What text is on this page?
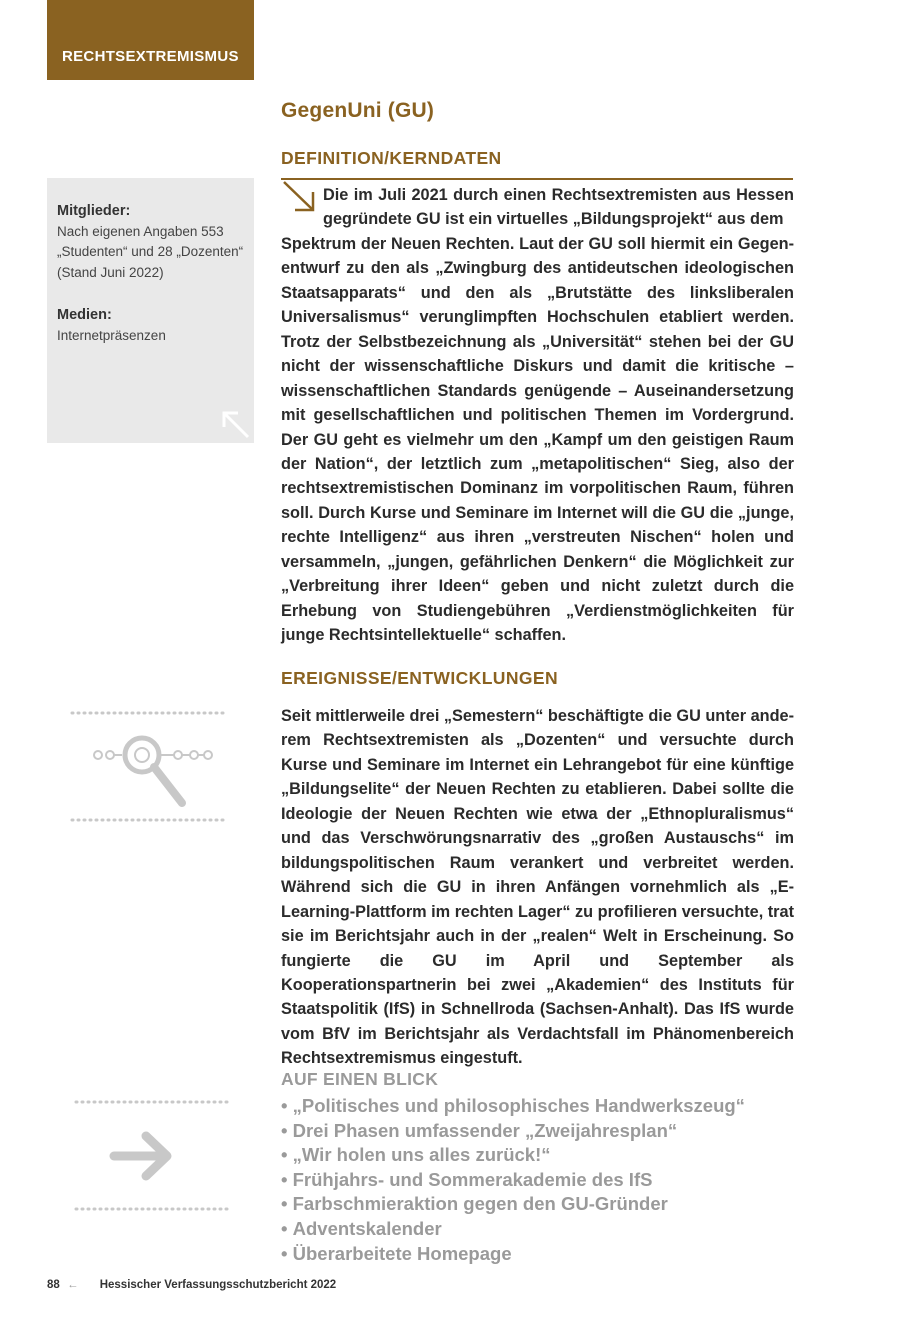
RECHTSEXTREMISMUS
GegenUni (GU)
Mitglieder:
Nach eigenen Angaben 553
„Studenten“ und 28 „Dozenten“
(Stand Juni 2022)
Medien:
Internetpräsenzen
DEFINITION/KERNDATEN
Die im Juli 2021 durch einen Rechtsextremisten aus Hessen gegründete GU ist ein virtuelles „Bildungsprojekt“ aus dem
Spektrum der Neuen Rechten. Laut der GU soll hiermit ein Gegenentwurf zu den als „Zwingburg des antideutschen ideologischen Staatsapparats“ und den als „Brutstätte des linksliberalen Universalismus“ verunglimpften Hochschulen etabliert werden. Trotz der Selbstbezeichnung als „Universität“ stehen bei der GU nicht der wissenschaftliche Diskurs und damit die kritische – wissenschaftlichen Standards genügende – Auseinandersetzung mit gesellschaftlichen und politischen Themen im Vordergrund. Der GU geht es vielmehr um den „Kampf um den geistigen Raum der Nation“, der letztlich zum „metapolitischen“ Sieg, also der rechtsextremistischen Dominanz im vorpolitischen Raum, führen soll. Durch Kurse und Seminare im Internet will die GU die „junge, rechte Intelligenz“ aus ihren „verstreuten Nischen“ holen und versammeln, „jungen, gefährlichen Denkern“ die Möglichkeit zur „Verbreitung ihrer Ideen“ geben und nicht zuletzt durch die Erhebung von Studiengebühren „Verdienstmöglichkeiten für junge Rechtsintellektuelle“ schaffen.
EREIGNISSE/ENTWICKLUNGEN
Seit mittlerweile drei „Semestern“ beschäftigte die GU unter anderem Rechtsextremisten als „Dozenten“ und versuchte durch Kurse und Seminare im Internet ein Lehrangebot für eine künftige „Bildungselite“ der Neuen Rechten zu etablieren. Dabei sollte die Ideologie der Neuen Rechten wie etwa der „Ethnopluralismus“ und das Verschwörungsnarrativ des „großen Austauschs“ im bildungspolitischen Raum verankert und verbreitet werden. Während sich die GU in ihren Anfängen vornehmlich als „E-Learning-Plattform im rechten Lager“ zu profilieren versuchte, trat sie im Berichtsjahr auch in der „realen“ Welt in Erscheinung. So fungierte die GU im April und September als Kooperationspartnerin bei zwei „Akademien“ des Instituts für Staatspolitik (IfS) in Schnellroda (Sachsen-Anhalt). Das IfS wurde vom BfV im Berichtsjahr als Verdachtsfall im Phänomenbereich Rechtsextremismus eingestuft.
AUF EINEN BLICK
• „Politisches und philosophisches Handwerkszeug“
• Drei Phasen umfassender „Zweijahresplan“
• „Wir holen uns alles zurück!“
• Frühjahrs- und Sommerakademie des IfS
• Farbschmieraktion gegen den GU-Gründer
• Adventskalender
• Überarbeitete Homepage
88 ← Hessischer Verfassungsschutzbericht 2022
